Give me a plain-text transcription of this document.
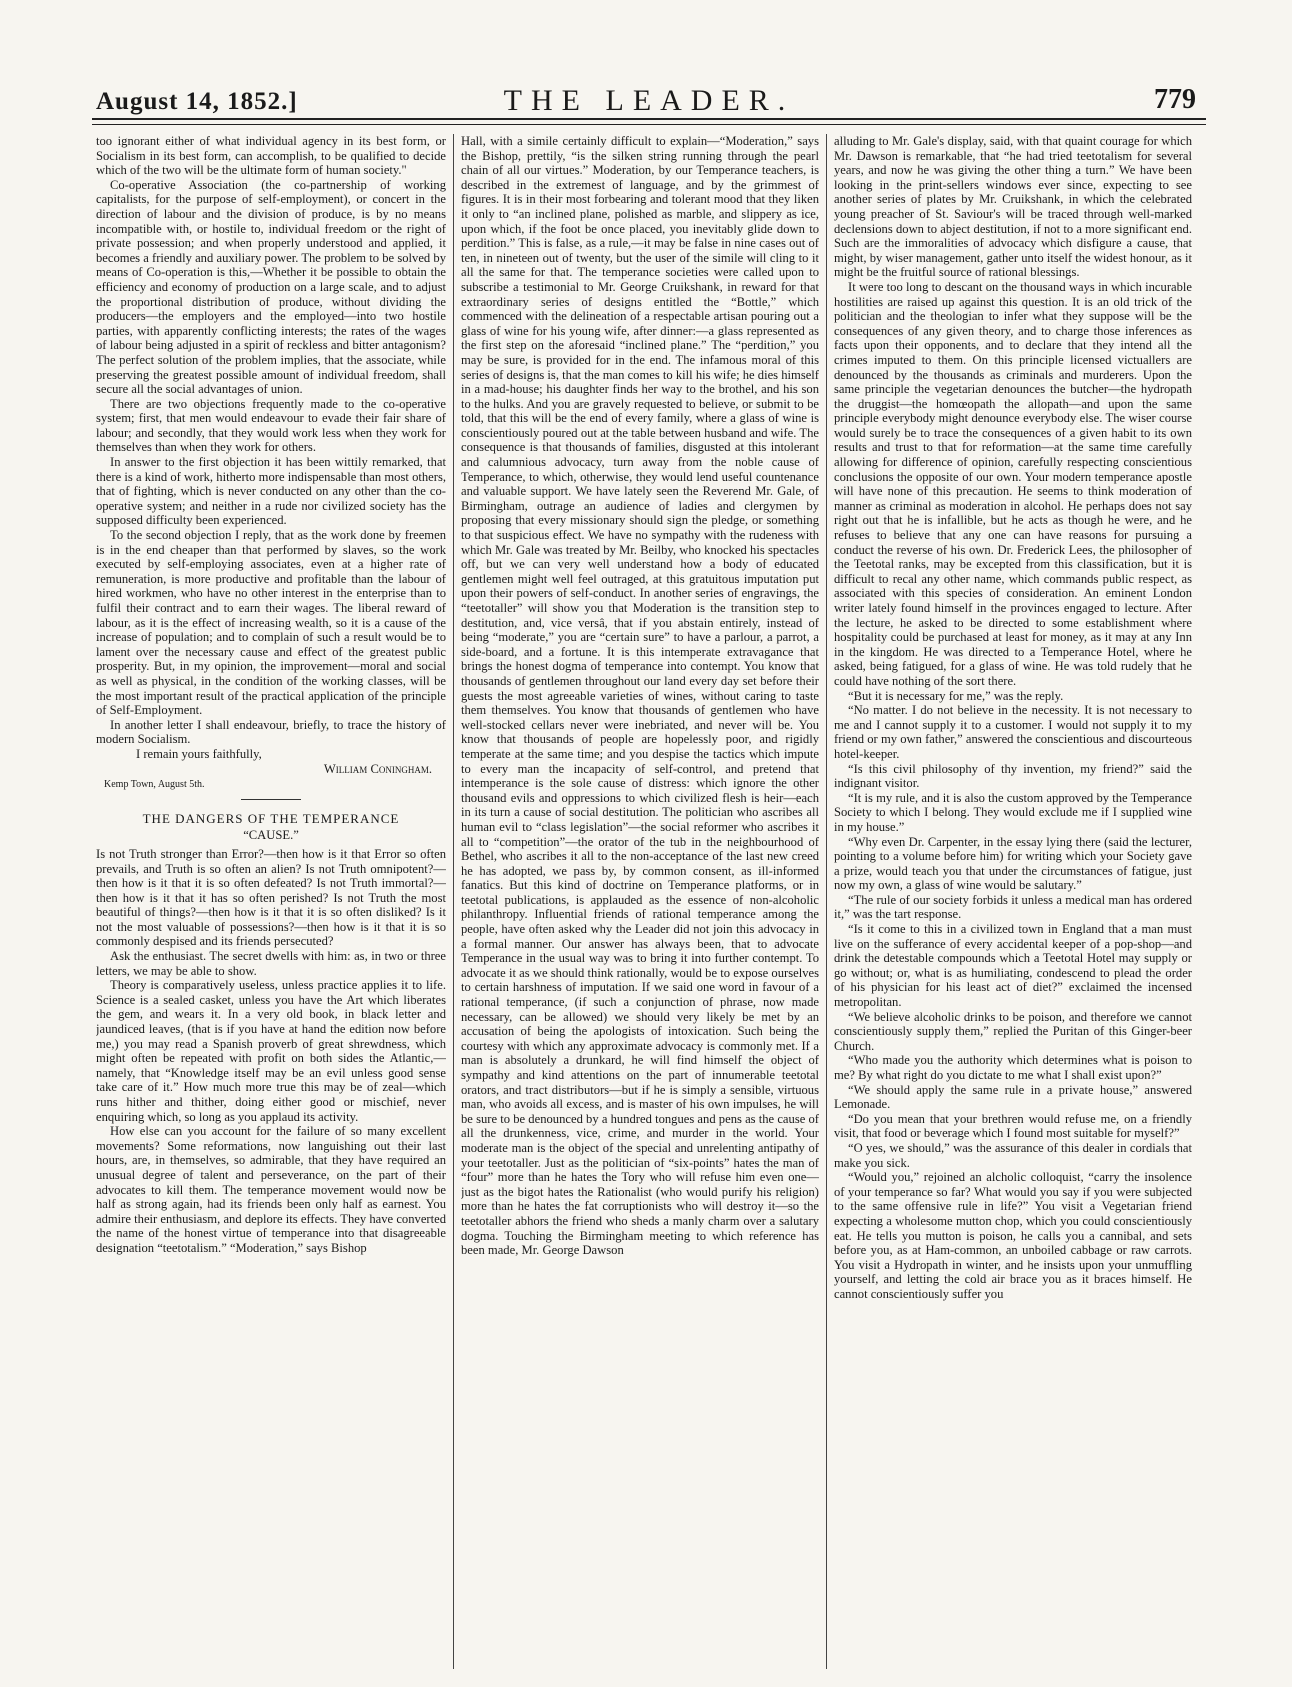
August 14, 1852.]	THE LEADER.	779

too ignorant either of what individual agency in its best form, or Socialism in its best form, can accomplish, to be qualified to decide which of the two will be the ultimate form of human society."

Co-operative Association (the co-partnership of working capitalists, for the purpose of self-employment), or concert in the direction of labour and the division of produce, is by no means incompatible with, or hostile to, individual freedom or the right of private possession; and when properly understood and applied, it becomes a friendly and auxiliary power. The problem to be solved by means of Co-operation is this,—Whether it be possible to obtain the efficiency and economy of production on a large scale, and to adjust the proportional distribution of produce, without dividing the producers—the employers and the employed—into two hostile parties, with apparently conflicting interests; the rates of the wages of labour being adjusted in a spirit of reckless and bitter antagonism? The perfect solution of the problem implies, that the associate, while preserving the greatest possible amount of individual freedom, shall secure all the social advantages of union.

There are two objections frequently made to the co-operative system; first, that men would endeavour to evade their fair share of labour; and secondly, that they would work less when they work for themselves than when they work for others.

In answer to the first objection it has been wittily remarked, that there is a kind of work, hitherto more indispensable than most others, that of fighting, which is never conducted on any other than the co-operative system; and neither in a rude nor civilized society has the supposed difficulty been experienced.

To the second objection I reply, that as the work done by freemen is in the end cheaper than that performed by slaves, so the work executed by self-employing associates, even at a higher rate of remuneration, is more productive and profitable than the labour of hired workmen, who have no other interest in the enterprise than to fulfil their contract and to earn their wages. The liberal reward of labour, as it is the effect of increasing wealth, so it is a cause of the increase of population; and to complain of such a result would be to lament over the necessary cause and effect of the greatest public prosperity. But, in my opinion, the improvement—moral and social as well as physical, in the condition of the working classes, will be the most important result of the practical application of the principle of Self-Employment.

In another letter I shall endeavour, briefly, to trace the history of modern Socialism.

I remain yours faithfully,

William Coningham.

Kemp Town, August 5th.

THE DANGERS OF THE TEMPERANCE

“CAUSE.”

Is not Truth stronger than Error?—then how is it that Error so often prevails, and Truth is so often an alien? Is not Truth omnipotent?—then how is it that it is so often defeated? Is not Truth immortal?—then how is it that it has so often perished? Is not Truth the most beautiful of things?—then how is it that it is so often disliked? Is it not the most valuable of possessions?—then how is it that it is so commonly despised and its friends persecuted?

Ask the enthusiast. The secret dwells with him: as, in two or three letters, we may be able to show.

Theory is comparatively useless, unless practice applies it to life. Science is a sealed casket, unless you have the Art which liberates the gem, and wears it. In a very old book, in black letter and jaundiced leaves, (that is if you have at hand the edition now before me,) you may read a Spanish proverb of great shrewdness, which might often be repeated with profit on both sides the Atlantic,—namely, that “Knowledge itself may be an evil unless good sense take care of it.” How much more true this may be of zeal—which runs hither and thither, doing either good or mischief, never enquiring which, so long as you applaud its activity.

How else can you account for the failure of so many excellent movements? Some reformations, now languishing out their last hours, are, in themselves, so admirable, that they have required an unusual degree of talent and perseverance, on the part of their advocates to kill them. The temperance movement would now be half as strong again, had its friends been only half as earnest. You admire their enthusiasm, and deplore its effects. They have converted the name of the honest virtue of temperance into that disagreeable designation “teetotalism.” “Moderation,” says Bishop

Hall, with a simile certainly difficult to explain—“Moderation,” says the Bishop, prettily, “is the silken string running through the pearl chain of all our virtues.” Moderation, by our Temperance teachers, is described in the extremest of language, and by the grimmest of figures. It is in their most forbearing and tolerant mood that they liken it only to “an inclined plane, polished as marble, and slippery as ice, upon which, if the foot be once placed, you inevitably glide down to perdition.” This is false, as a rule,—it may be false in nine cases out of ten, in nineteen out of twenty, but the user of the simile will cling to it all the same for that. The temperance societies were called upon to subscribe a testimonial to Mr. George Cruikshank, in reward for that extraordinary series of designs entitled the “Bottle,” which commenced with the delineation of a respectable artisan pouring out a glass of wine for his young wife, after dinner:—a glass represented as the first step on the aforesaid “inclined plane.” The “perdition,” you may be sure, is provided for in the end. The infamous moral of this series of designs is, that the man comes to kill his wife; he dies himself in a mad-house; his daughter finds her way to the brothel, and his son to the hulks. And you are gravely requested to believe, or submit to be told, that this will be the end of every family, where a glass of wine is conscientiously poured out at the table between husband and wife. The consequence is that thousands of families, disgusted at this intolerant and calumnious advocacy, turn away from the noble cause of Temperance, to which, otherwise, they would lend useful countenance and valuable support. We have lately seen the Reverend Mr. Gale, of Birmingham, outrage an audience of ladies and clergymen by proposing that every missionary should sign the pledge, or something to that suspicious effect. We have no sympathy with the rudeness with which Mr. Gale was treated by Mr. Beilby, who knocked his spectacles off, but we can very well understand how a body of educated gentlemen might well feel outraged, at this gratuitous imputation put upon their powers of self-conduct. In another series of engravings, the “teetotaller” will show you that Moderation is the transition step to destitution, and, vice versâ, that if you abstain entirely, instead of being “moderate,” you are “certain sure” to have a parlour, a parrot, a side-board, and a fortune. It is this intemperate extravagance that brings the honest dogma of temperance into contempt. You know that thousands of gentlemen throughout our land every day set before their guests the most agreeable varieties of wines, without caring to taste them themselves. You know that thousands of gentlemen who have well-stocked cellars never were inebriated, and never will be. You know that thousands of people are hopelessly poor, and rigidly temperate at the same time; and you despise the tactics which impute to every man the incapacity of self-control, and pretend that intemperance is the sole cause of distress: which ignore the other thousand evils and oppressions to which civilized flesh is heir—each in its turn a cause of social destitution. The politician who ascribes all human evil to “class legislation”—the social reformer who ascribes it all to “competition”—the orator of the tub in the neighbourhood of Bethel, who ascribes it all to the non-acceptance of the last new creed he has adopted, we pass by, by common consent, as ill-informed fanatics. But this kind of doctrine on Temperance platforms, or in teetotal publications, is applauded as the essence of non-alcoholic philanthropy. Influential friends of rational temperance among the people, have often asked why the Leader did not join this advocacy in a formal manner. Our answer has always been, that to advocate Temperance in the usual way was to bring it into further contempt. To advocate it as we should think rationally, would be to expose ourselves to certain harshness of imputation. If we said one word in favour of a rational temperance, (if such a conjunction of phrase, now made necessary, can be allowed) we should very likely be met by an accusation of being the apologists of intoxication. Such being the courtesy with which any approximate advocacy is commonly met. If a man is absolutely a drunkard, he will find himself the object of sympathy and kind attentions on the part of innumerable teetotal orators, and tract distributors—but if he is simply a sensible, virtuous man, who avoids all excess, and is master of his own impulses, he will be sure to be denounced by a hundred tongues and pens as the cause of all the drunkenness, vice, crime, and murder in the world. Your moderate man is the object of the special and unrelenting antipathy of your teetotaller. Just as the politician of “six-points” hates the man of “four” more than he hates the Tory who will refuse him even one—just as the bigot hates the Rationalist (who would purify his religion) more than he hates the fat corruptionists who will destroy it—so the teetotaller abhors the friend who sheds a manly charm over a salutary dogma. Touching the Birmingham meeting to which reference has been made, Mr. George Dawson

alluding to Mr. Gale's display, said, with that quaint courage for which Mr. Dawson is remarkable, that “he had tried teetotalism for several years, and now he was giving the other thing a turn.” We have been looking in the print-sellers windows ever since, expecting to see another series of plates by Mr. Cruikshank, in which the celebrated young preacher of St. Saviour's will be traced through well-marked declensions down to abject destitution, if not to a more significant end. Such are the immoralities of advocacy which disfigure a cause, that might, by wiser management, gather unto itself the widest honour, as it might be the fruitful source of rational blessings.

It were too long to descant on the thousand ways in which incurable hostilities are raised up against this question. It is an old trick of the politician and the theologian to infer what they suppose will be the consequences of any given theory, and to charge those inferences as facts upon their opponents, and to declare that they intend all the crimes imputed to them. On this principle licensed victuallers are denounced by the thousands as criminals and murderers. Upon the same principle the vegetarian denounces the butcher—the hydropath the druggist—the homœopath the allopath—and upon the same principle everybody might denounce everybody else. The wiser course would surely be to trace the consequences of a given habit to its own results and trust to that for reformation—at the same time carefully allowing for difference of opinion, carefully respecting conscientious conclusions the opposite of our own. Your modern temperance apostle will have none of this precaution. He seems to think moderation of manner as criminal as moderation in alcohol. He perhaps does not say right out that he is infallible, but he acts as though he were, and he refuses to believe that any one can have reasons for pursuing a conduct the reverse of his own. Dr. Frederick Lees, the philosopher of the Teetotal ranks, may be excepted from this classification, but it is difficult to recal any other name, which commands public respect, as associated with this species of consideration. An eminent London writer lately found himself in the provinces engaged to lecture. After the lecture, he asked to be directed to some establishment where hospitality could be purchased at least for money, as it may at any Inn in the kingdom. He was directed to a Temperance Hotel, where he asked, being fatigued, for a glass of wine. He was told rudely that he could have nothing of the sort there.

“But it is necessary for me,” was the reply.

“No matter. I do not believe in the necessity. It is not necessary to me and I cannot supply it to a customer. I would not supply it to my friend or my own father,” answered the conscientious and discourteous hotel-keeper.

“Is this civil philosophy of thy invention, my friend?” said the indignant visitor.

“It is my rule, and it is also the custom approved by the Temperance Society to which I belong. They would exclude me if I supplied wine in my house.”

“Why even Dr. Carpenter, in the essay lying there (said the lecturer, pointing to a volume before him) for writing which your Society gave a prize, would teach you that under the circumstances of fatigue, just now my own, a glass of wine would be salutary.”

“The rule of our society forbids it unless a medical man has ordered it,” was the tart response.

“Is it come to this in a civilized town in England that a man must live on the sufferance of every accidental keeper of a pop-shop—and drink the detestable compounds which a Teetotal Hotel may supply or go without; or, what is as humiliating, condescend to plead the order of his physician for his least act of diet?” exclaimed the incensed metropolitan.

“We believe alcoholic drinks to be poison, and therefore we cannot conscientiously supply them,” replied the Puritan of this Ginger-beer Church.

“Who made you the authority which determines what is poison to me? By what right do you dictate to me what I shall exist upon?”

“We should apply the same rule in a private house,” answered Lemonade.

“Do you mean that your brethren would refuse me, on a friendly visit, that food or beverage which I found most suitable for myself?”

“O yes, we should,” was the assurance of this dealer in cordials that make you sick.

“Would you,” rejoined an alcholic colloquist, “carry the insolence of your temperance so far? What would you say if you were subjected to the same offensive rule in life?” You visit a Vegetarian friend expecting a wholesome mutton chop, which you could conscientiously eat. He tells you mutton is poison, he calls you a cannibal, and sets before you, as at Ham-common, an unboiled cabbage or raw carrots. You visit a Hydropath in winter, and he insists upon your unmuffling yourself, and letting the cold air brace you as it braces himself. He cannot conscientiously suffer you
